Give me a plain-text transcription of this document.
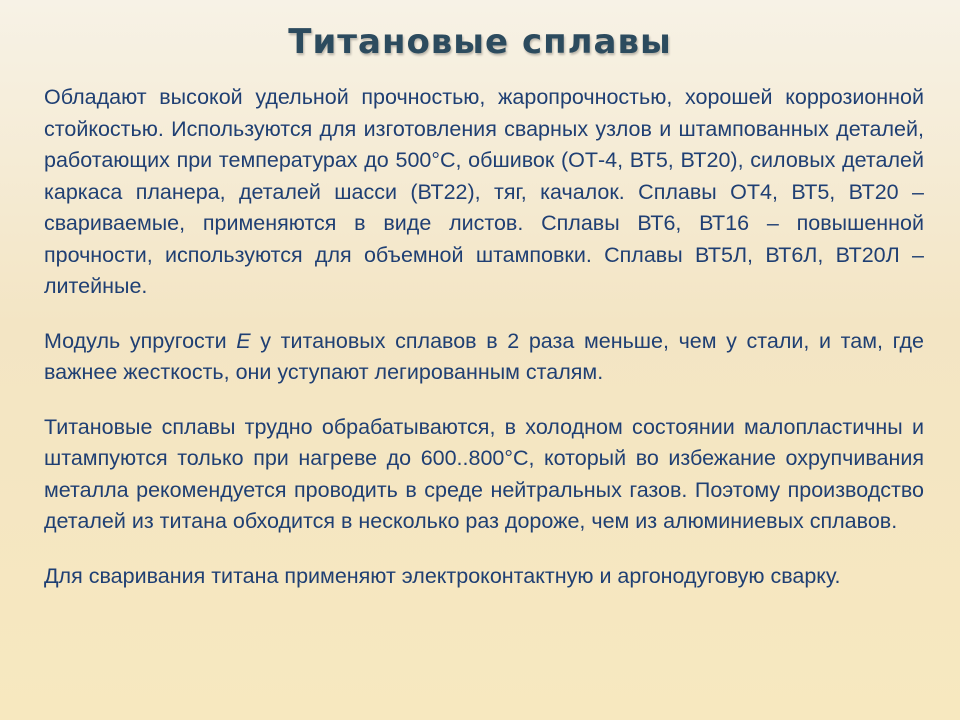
Титановые сплавы

Обладают высокой удельной прочностью, жаропрочностью, хорошей коррозионной стойкостью. Используются для изготовления сварных узлов и штампованных деталей, работающих при температурах до 500°С, обшивок (ОТ-4, ВТ5, ВТ20), силовых деталей каркаса планера, деталей шасси (ВТ22), тяг, качалок. Сплавы ОТ4, ВТ5, ВТ20 – свариваемые, применяются в виде листов. Сплавы ВТ6, ВТ16 – повышенной прочности, используются для объемной штамповки. Сплавы ВТ5Л, ВТ6Л, ВТ20Л – литейные.

Модуль упругости Е у титановых сплавов в 2 раза меньше, чем у стали, и там, где важнее жесткость, они уступают легированным сталям.

Титановые сплавы трудно обрабатываются, в холодном состоянии малопластичны и штампуются только при нагреве до 600..800°С, который во избежание охрупчивания металла рекомендуется проводить в среде нейтральных газов. Поэтому производство деталей из титана обходится в несколько раз дороже, чем из алюминиевых сплавов.

Для сваривания титана применяют электроконтактную и аргонодуговую сварку.
